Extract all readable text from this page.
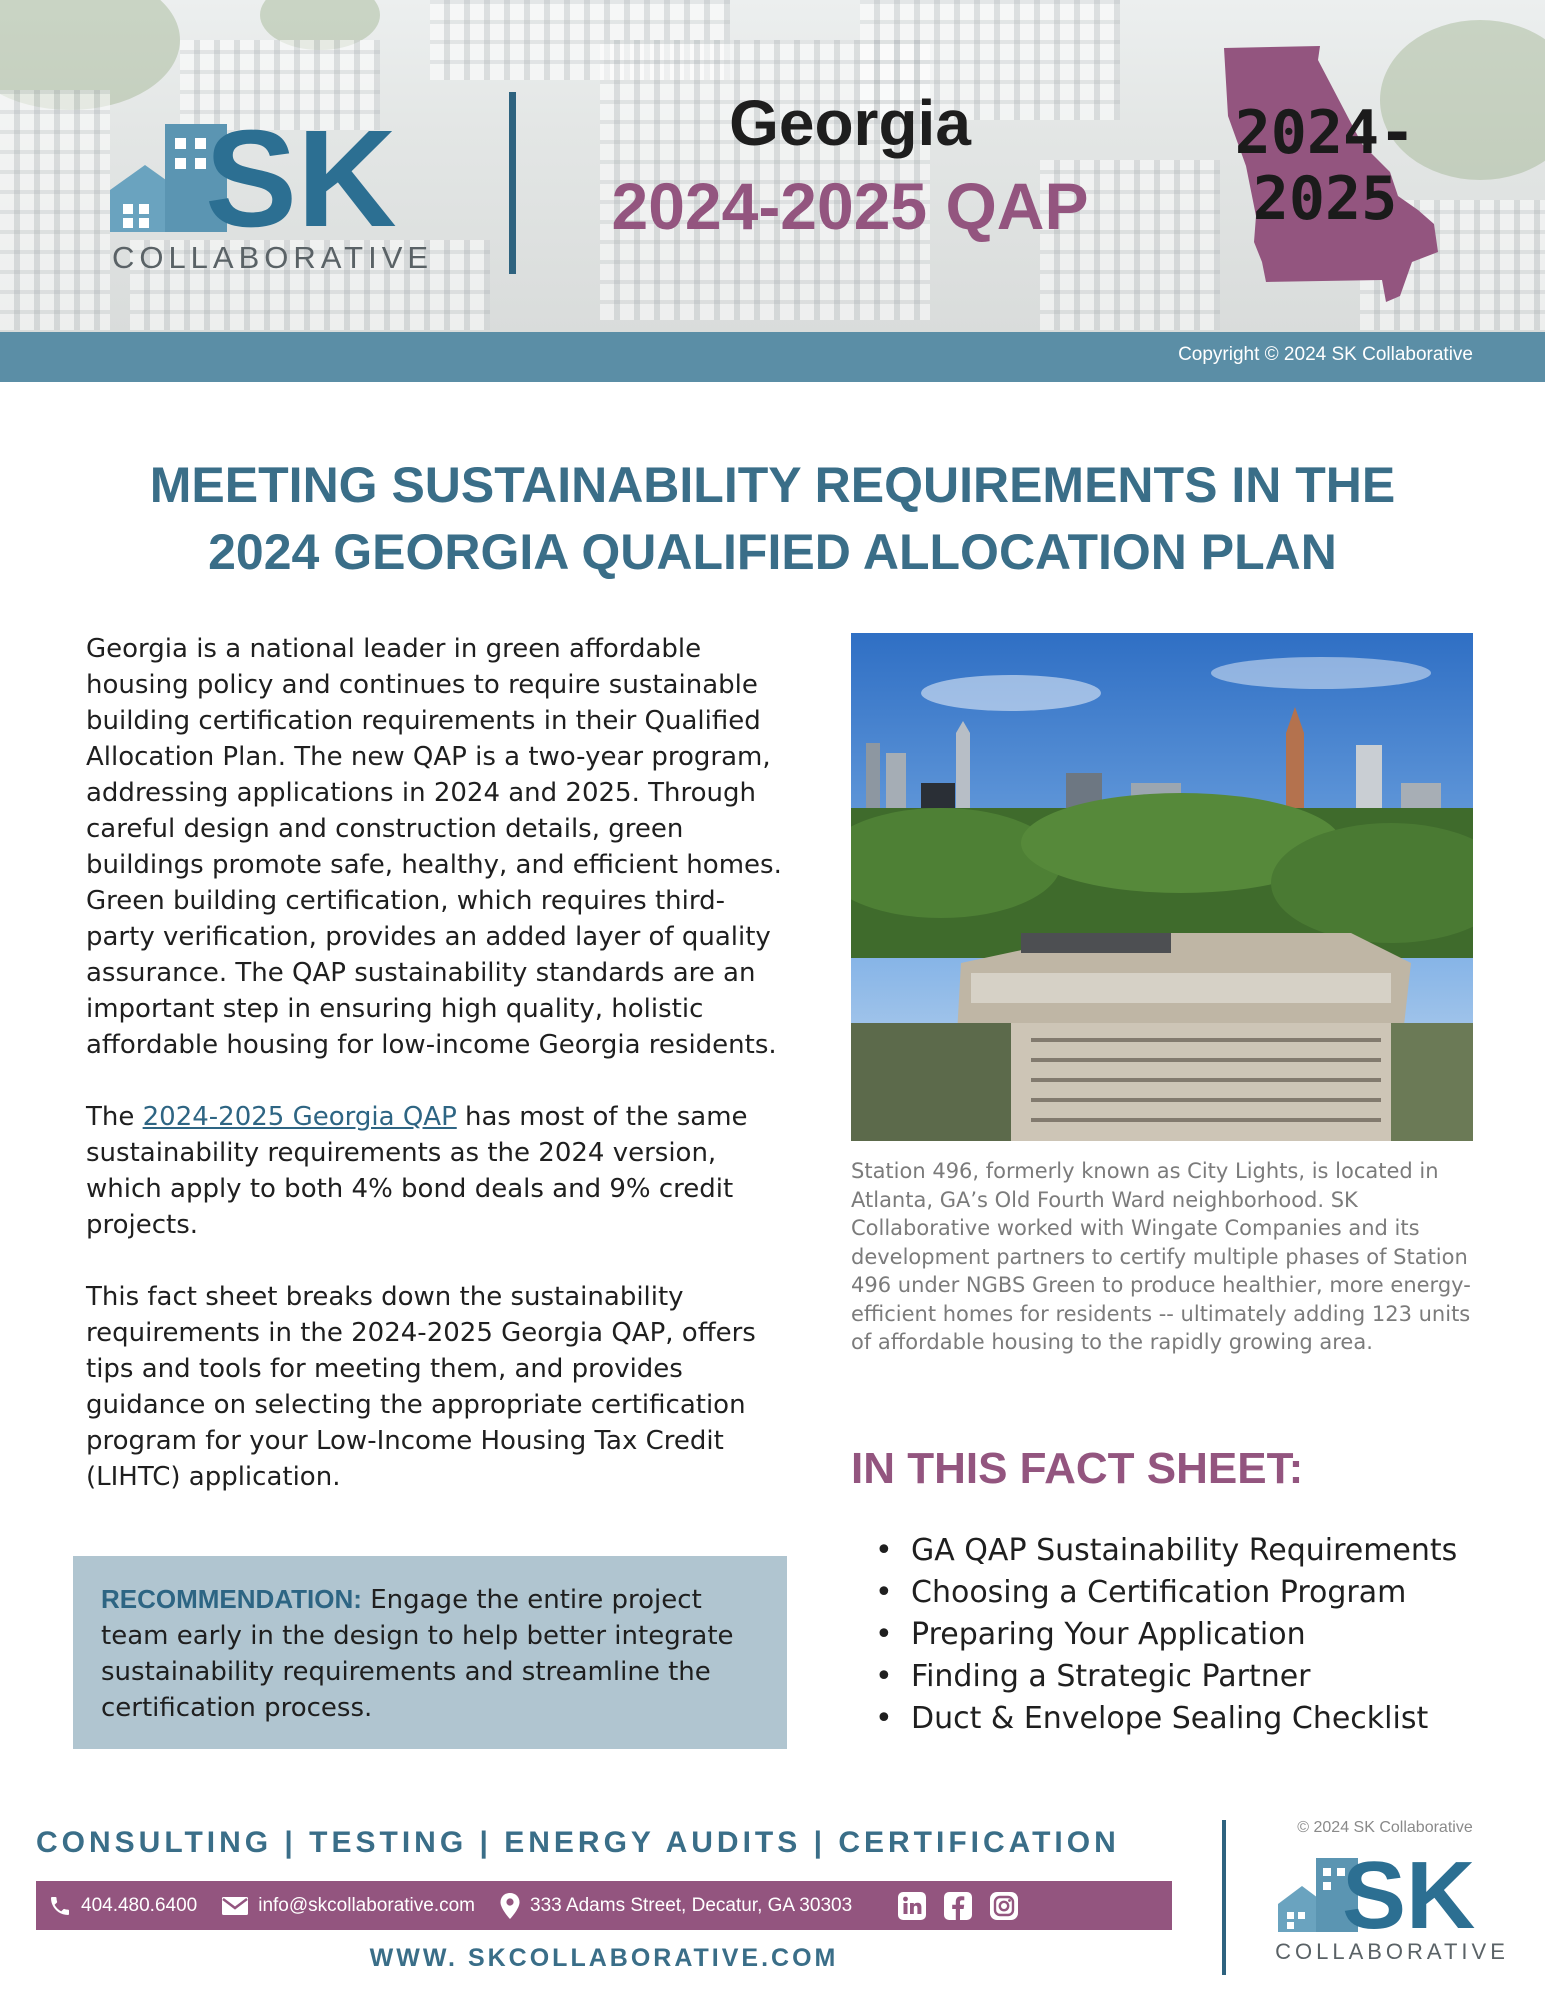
SK
COLLABORATIVE
Georgia
2024-2025 QAP
2024-
2025
Copyright © 2024 SK Collaborative
MEETING SUSTAINABILITY REQUIREMENTS IN THE
2024 GEORGIA QUALIFIED ALLOCATION PLAN

Georgia is a national leader in green affordable housing policy and continues to require sustainable building certification requirements in their Qualified Allocation Plan. The new QAP is a two-year program, addressing applications in 2024 and 2025. Through careful design and construction details, green buildings promote safe, healthy, and efficient homes. Green building certification, which requires third-party verification, provides an added layer of quality assurance. The QAP sustainability standards are an important step in ensuring high quality, holistic affordable housing for low-income Georgia residents.

The 2024-2025 Georgia QAP has most of the same sustainability requirements as the 2024 version, which apply to both 4% bond deals and 9% credit projects.

This fact sheet breaks down the sustainability requirements in the 2024-2025 Georgia QAP, offers tips and tools for meeting them, and provides guidance on selecting the appropriate certification program for your Low-Income Housing Tax Credit (LIHTC) application.

RECOMMENDATION: Engage the entire project team early in the design to help better integrate sustainability requirements and streamline the certification process.
Station 496, formerly known as City Lights, is located in Atlanta, GA’s Old Fourth Ward neighborhood. SK Collaborative worked with Wingate Companies and its development partners to certify multiple phases of Station 496 under NGBS Green to produce healthier, more energy-efficient homes for residents -- ultimately adding 123 units of affordable housing to the rapidly growing area.
IN THIS FACT SHEET:
• GA QAP Sustainability Requirements
• Choosing a Certification Program
• Preparing Your Application
• Finding a Strategic Partner
• Duct & Envelope Sealing Checklist
CONSULTING | TESTING | ENERGY AUDITS | CERTIFICATION
404.480.6400	info@skcollaborative.com	333 Adams Street, Decatur, GA 30303
WWW. SKCOLLABORATIVE.COM
© 2024 SK Collaborative
SK
COLLABORATIVE
